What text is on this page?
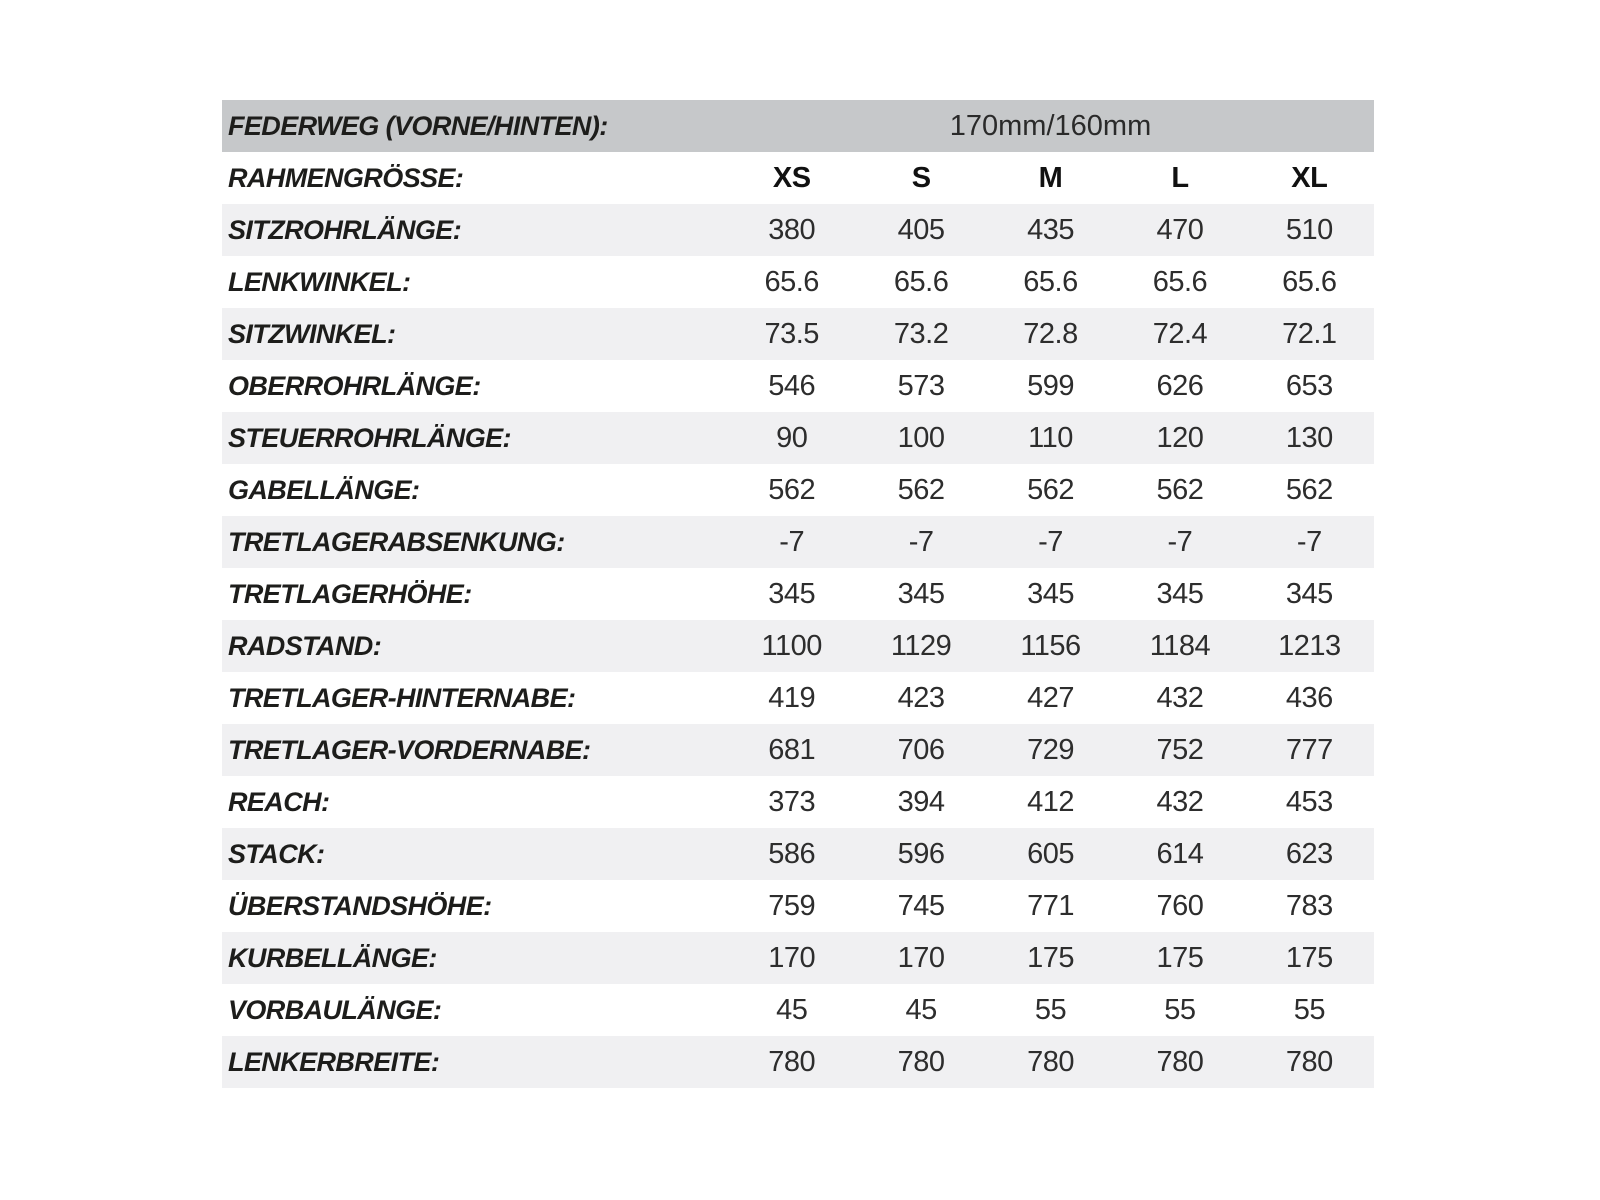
FEDERWEG (VORNE/HINTEN):	170mm/160mm
RAHMENGRÖSSE:	XS	S	M	L	XL
SITZROHRLÄNGE:	380	405	435	470	510
LENKWINKEL:	65.6	65.6	65.6	65.6	65.6
SITZWINKEL:	73.5	73.2	72.8	72.4	72.1
OBERROHRLÄNGE:	546	573	599	626	653
STEUERROHRLÄNGE:	90	100	110	120	130
GABELLÄNGE:	562	562	562	562	562
TRETLAGERABSENKUNG:	-7	-7	-7	-7	-7
TRETLAGERHÖHE:	345	345	345	345	345
RADSTAND:	1100	1129	1156	1184	1213
TRETLAGER-HINTERNABE:	419	423	427	432	436
TRETLAGER-VORDERNABE:	681	706	729	752	777
REACH:	373	394	412	432	453
STACK:	586	596	605	614	623
ÜBERSTANDSHÖHE:	759	745	771	760	783
KURBELLÄNGE:	170	170	175	175	175
VORBAULÄNGE:	45	45	55	55	55
LENKERBREITE:	780	780	780	780	780
